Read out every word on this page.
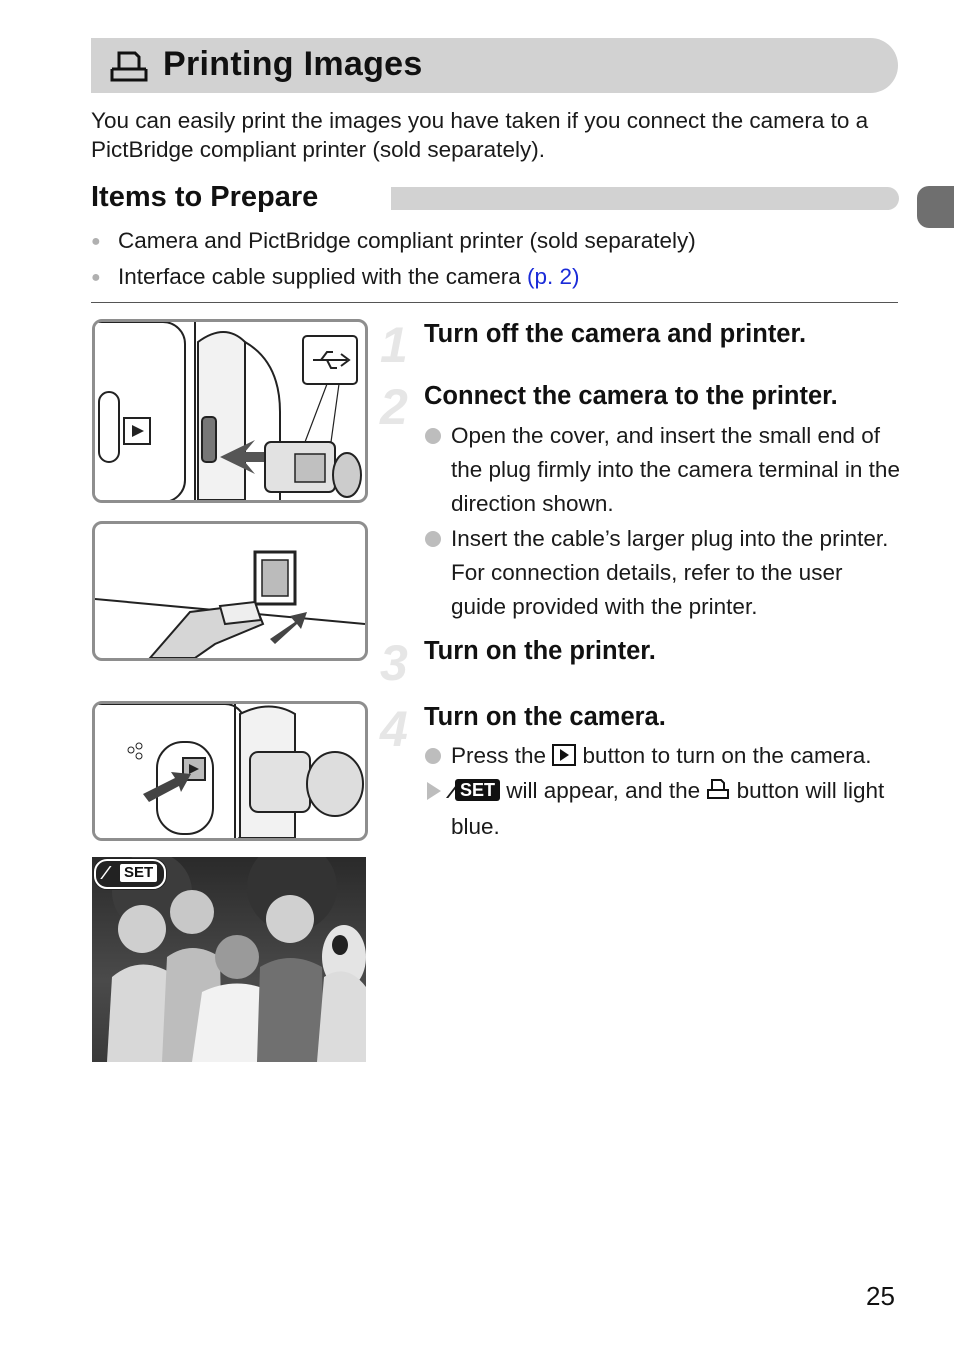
Printing Images
You can easily print the images you have taken if you connect the camera to a PictBridge compliant printer (sold separately).
Items to Prepare
● Camera and PictBridge compliant printer (sold separately)
● Interface cable supplied with the camera (p. 2)
⁄ SET
1 Turn off the camera and printer.
2 Connect the camera to the printer.
Open the cover, and insert the small end of the plug firmly into the camera terminal in the direction shown.
Insert the cable’s larger plug into the printer. For connection details, refer to the user guide provided with the printer.
3 Turn on the printer.
4 Turn on the camera.
Press the  button to turn on the camera.
⁄ SET will appear, and the  button will light blue.
25
